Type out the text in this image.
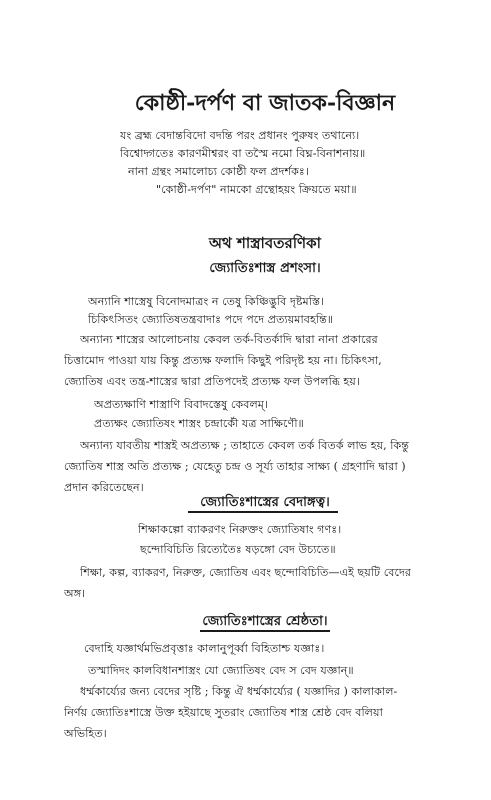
কোষ্ঠী-দর্পণ বা জাতক-বিজ্ঞান
যং ব্রহ্ম বেদান্তবিদো বদন্তি পরং প্রধানং পুরুষং তথান্যে।
বিশ্বোদ্গতেঃ কারণমীশ্বরং বা তস্মৈ নমো বিঘ্ন-বিনাশনায়॥
নানা গ্রন্থং সমালোচ্য কোষ্ঠী ফল প্রদর্শকঃ।
"কোষ্ঠী-দর্পণ" নামকো গ্রন্থোহয়ং ক্রিয়তে ময়া॥
অথ শাস্ত্রাবতরণিকা
জ্যোতিঃশাস্ত্র প্রশংসা।
অন্যানি শাস্ত্রেষু বিনোদমাত্রং ন তেষু কিঞ্চিদ্ভুবি দৃষ্টমস্তি।
চিকিৎসিতং জ্যোতিষতন্ত্রবাদাঃ পদে পদে প্রত্যয়মাবহন্তি॥
অন্যান্য শাস্ত্রের আলোচনায় কেবল তর্ক-বিতর্কাদি দ্বারা নানা প্রকারের
চিত্তামোদ পাওয়া যায় কিন্তু প্রত্যক্ষ ফলাদি কিছুই পরিদৃষ্ট হয় না। চিকিৎসা,
জ্যোতিষ এবং তন্ত্র-শাস্ত্রের দ্বারা প্রতিপদেই প্রত্যক্ষ ফল উপলব্ধি হয়।
অপ্রত্যক্ষাণি শাস্ত্রাণি বিবাদস্তেষু কেবলম্।
প্রত্যক্ষং জ্যোতিষং শাস্ত্রং চন্দ্রার্কৌ যত্র সাক্ষিণৌ॥
অন্যান্য যাবতীয় শাস্ত্রই অপ্রত্যক্ষ ; তাহাতে কেবল তর্ক বিতর্ক লাভ হয়, কিন্তু
জ্যোতিষ শাস্ত্র অতি প্রত্যক্ষ ; যেহেতু চন্দ্র ও সূর্য্য তাহার সাক্ষ্য ( গ্রহণাদি দ্বারা )
প্রদান করিতেছেন।
জ্যোতিঃশাস্ত্রের বেদাঙ্গত্ব।
শিক্ষাকল্পো ব্যাকরণং নিরুক্তং জ্যোতিষাং গণঃ।
ছন্দোবিচিতি রিত্যেতৈঃ ষড়ঙ্গো বেদ উচ্যতে॥
শিক্ষা, কল্প, ব্যাকরণ, নিরুক্ত, জ্যোতিষ এবং ছন্দোবিচিতি—এই ছয়টি বেদের
অঙ্গ।
জ্যোতিঃশাস্ত্রের শ্রেষ্ঠতা।
বেদাহি যজ্ঞার্থমভিপ্রবৃত্তাঃ কালানুপূর্ব্বা বিহিতাশ্চ যজ্ঞাঃ।
তস্মাদিদং কালবিধানশাস্ত্রং যো জ্যোতিষং বেদ স বেদ যজ্ঞান্॥
ধর্ম্মকার্য্যের জন্য বেদের সৃষ্টি ; কিন্তু ঐ ধর্ম্মকার্য্যের ( যজ্ঞাদির ) কালাকাল-
নির্ণয় জ্যোতিঃশাস্ত্রে উক্ত হইয়াছে সুতরাং জ্যোতিষ শাস্ত্র শ্রেষ্ঠ বেদ বলিয়া
অভিহিত।
